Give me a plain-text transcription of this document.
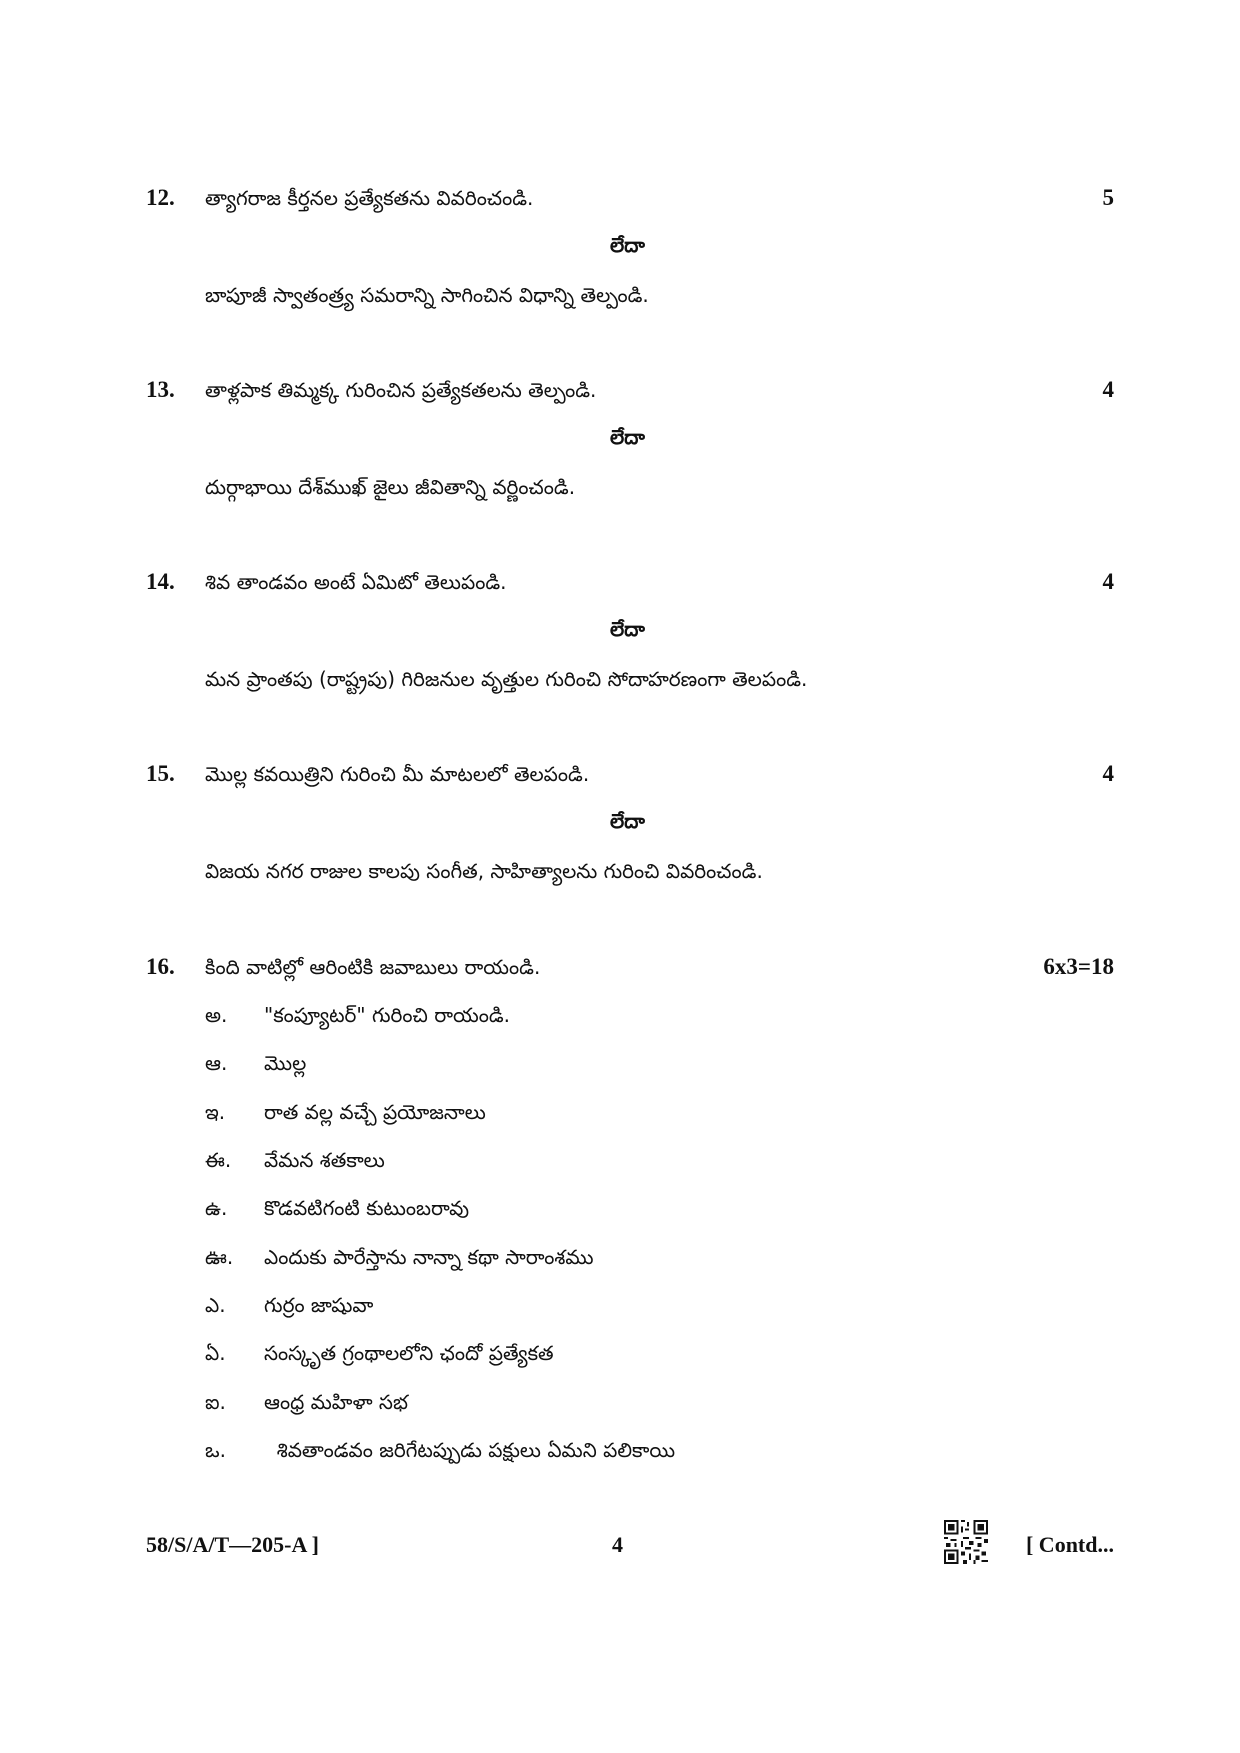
12. త్యాగరాజ కీర్తనల ప్రత్యేకతను వివరించండి.	5
లేదా
బాపూజీ స్వాతంత్ర్య సమరాన్ని సాగించిన విధాన్ని తెల్పండి.
13. తాళ్లపాక తిమ్మక్క గురించిన ప్రత్యేకతలను తెల్పండి.	4
లేదా
దుర్గాభాయి దేశ్‌ముఖ్ జైలు జీవితాన్ని వర్ణించండి.
14. శివ తాండవం అంటే ఏమిటో తెలుపండి.	4
లేదా
మన ప్రాంతపు (రాష్ట్రపు) గిరిజనుల వృత్తుల గురించి సోదాహరణంగా తెలపండి.
15. మొల్ల కవయిత్రిని గురించి మీ మాటలలో తెలపండి.	4
లేదా
విజయ నగర రాజుల కాలపు సంగీత, సాహిత్యాలను గురించి వివరించండి.
16. కింది వాటిల్లో ఆరింటికి జవాబులు రాయండి.	6x3=18
అ. "కంప్యూటర్" గురించి రాయండి.
ఆ. మొల్ల
ఇ. రాత వల్ల వచ్చే ప్రయోజనాలు
ఈ. వేమన శతకాలు
ఉ. కొడవటిగంటి కుటుంబరావు
ఊ. ఎందుకు పారేస్తాను నాన్నా కథా సారాంశము
ఎ. గుర్రం జాషువా
ఏ. సంస్కృత గ్రంథాలలోని ఛందో ప్రత్యేకత
ఐ. ఆంధ్ర మహిళా సభ
ఒ. శివతాండవం జరిగేటప్పుడు పక్షులు ఏమని పలికాయి
58/S/A/T—205-A ]	4	[ Contd...
